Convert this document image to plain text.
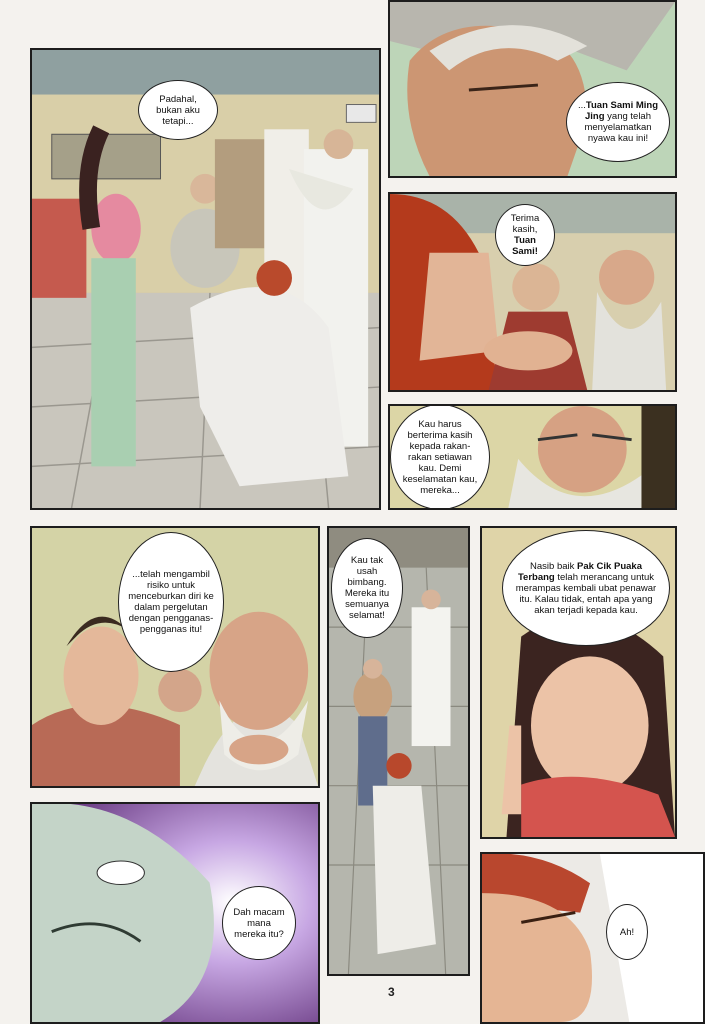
Padahal, bukan aku tetapi...
...Tuan Sami Ming Jing yang telah menyelamatkan nyawa kau ini!
Terima kasih, Tuan Sami!
Kau harus berterima kasih kepada rakan-rakan setiawan kau. Demi keselamatan kau, mereka...
...telah mengambil risiko untuk menceburkan diri ke dalam pergelutan dengan pengganas-pengganas itu!
Kau tak usah bimbang. Mereka itu semuanya selamat!
Nasib baik Pak Cik Puaka Terbang telah merancang untuk merampas kembali ubat penawar itu. Kalau tidak, entah apa yang akan terjadi kepada kau.
Dah macam mana mereka itu?	Ah!
3
